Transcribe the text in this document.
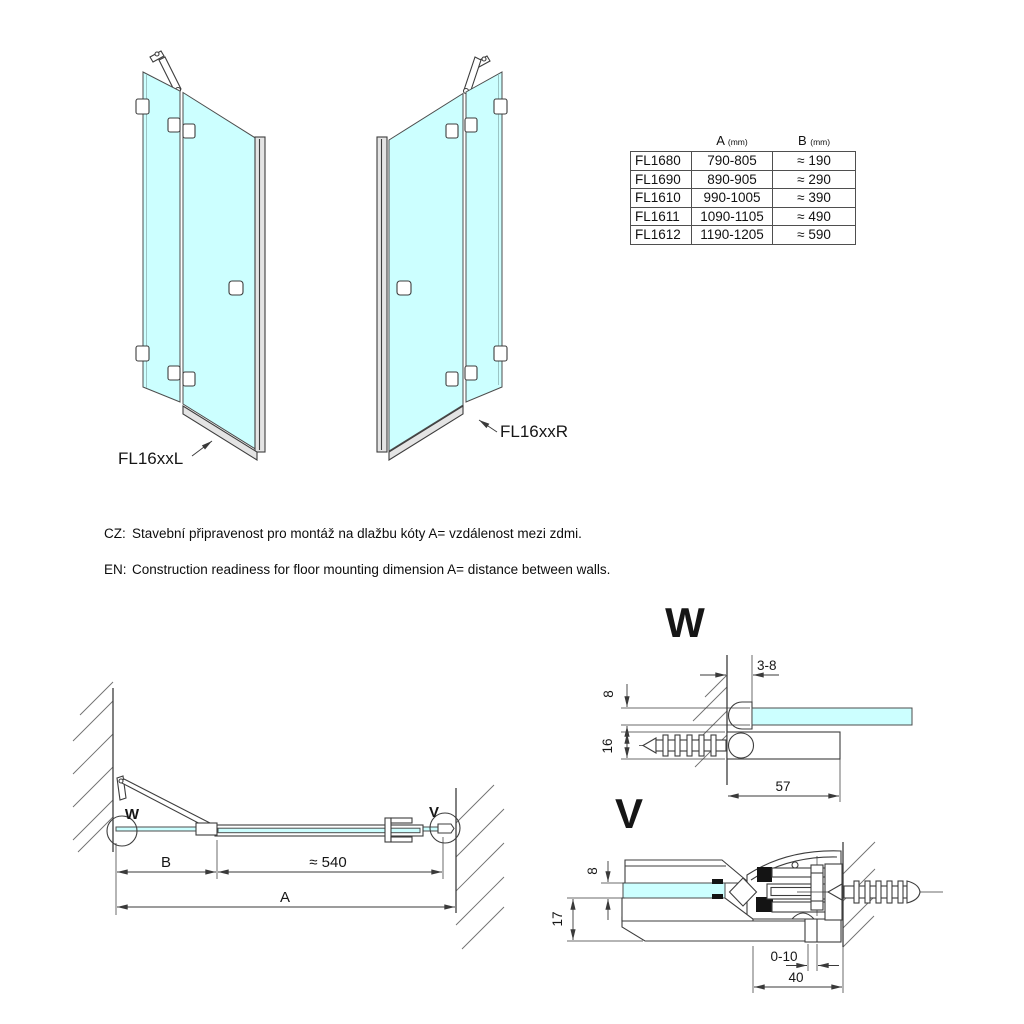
FL16xxL
FL16xxR
	A (mm)	B (mm)
FL1680	790-805	≈ 190
FL1690	890-905	≈ 290
FL1610	990-1005	≈ 390
FL1611	1090-1105	≈ 490
FL1612	1190-1205	≈ 590
CZ: Stavební připravenost pro montáž na dlažbu kóty A= vzdálenost mezi zdmi.
EN: Construction readiness for floor mounting dimension A= distance between walls.
W	V
B	≈ 540
A
W
3-8
8
16
57
V
8
17
0-10
40
